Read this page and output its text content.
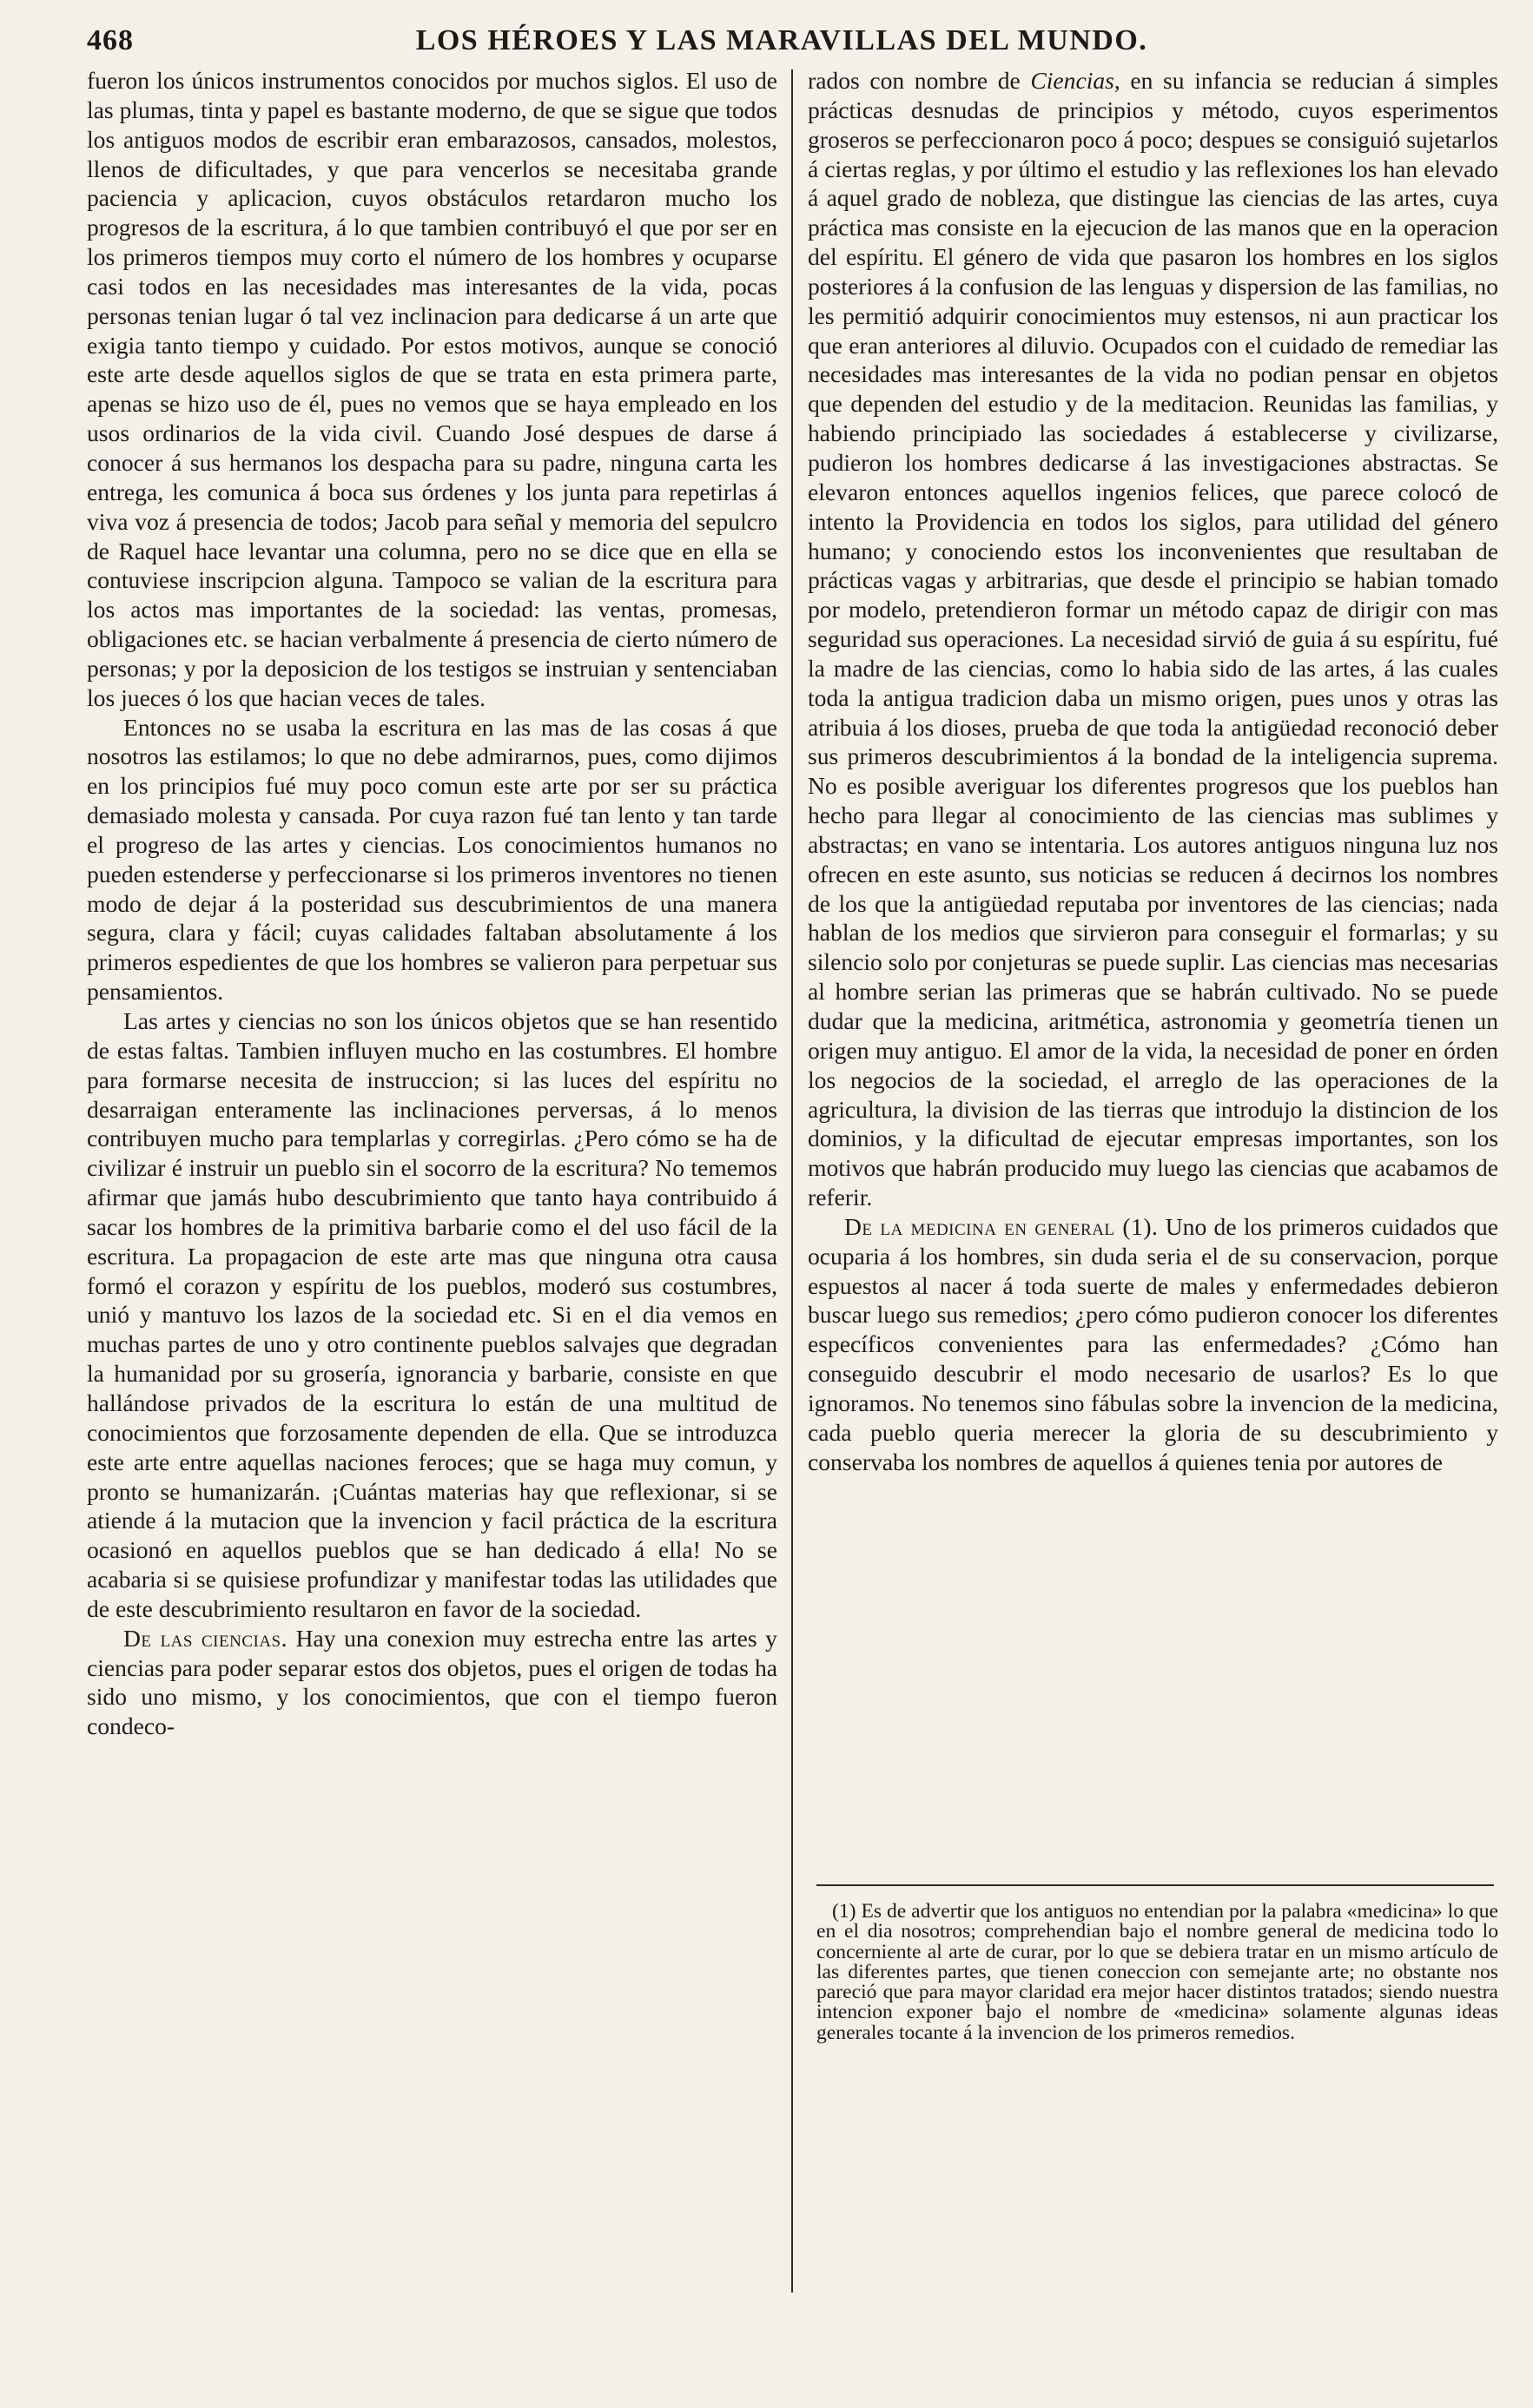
468	LOS HÉROES Y LAS MARAVILLAS DEL MUNDO.

fueron los únicos instrumentos conocidos por muchos siglos. El uso de las plumas, tinta y papel es bastante moderno, de que se sigue que todos los antiguos modos de escribir eran embarazosos, cansados, molestos, llenos de dificultades, y que para vencerlos se necesitaba grande paciencia y aplicacion, cuyos obstáculos retardaron mucho los progresos de la escritura, á lo que tambien contribuyó el que por ser en los primeros tiempos muy corto el número de los hombres y ocuparse casi todos en las necesidades mas interesantes de la vida, pocas personas tenian lugar ó tal vez inclinacion para dedicarse á un arte que exigia tanto tiempo y cuidado. Por estos motivos, aunque se conoció este arte desde aquellos siglos de que se trata en esta primera parte, apenas se hizo uso de él, pues no vemos que se haya empleado en los usos ordinarios de la vida civil. Cuando José despues de darse á conocer á sus hermanos los despacha para su padre, ninguna carta les entrega, les comunica á boca sus órdenes y los junta para repetirlas á viva voz á presencia de todos; Jacob para señal y memoria del sepulcro de Raquel hace levantar una columna, pero no se dice que en ella se contuviese inscripcion alguna. Tampoco se valian de la escritura para los actos mas importantes de la sociedad: las ventas, promesas, obligaciones etc. se hacian verbalmente á presencia de cierto número de personas; y por la deposicion de los testigos se instruian y sentenciaban los jueces ó los que hacian veces de tales.

Entonces no se usaba la escritura en las mas de las cosas á que nosotros las estilamos; lo que no debe admirarnos, pues, como dijimos en los principios fué muy poco comun este arte por ser su práctica demasiado molesta y cansada. Por cuya razon fué tan lento y tan tarde el progreso de las artes y ciencias. Los conocimientos humanos no pueden estenderse y perfeccionarse si los primeros inventores no tienen modo de dejar á la posteridad sus descubrimientos de una manera segura, clara y fácil; cuyas calidades faltaban absolutamente á los primeros espedientes de que los hombres se valieron para perpetuar sus pensamientos.

Las artes y ciencias no son los únicos objetos que se han resentido de estas faltas. Tambien influyen mucho en las costumbres. El hombre para formarse necesita de instruccion; si las luces del espíritu no desarraigan enteramente las inclinaciones perversas, á lo menos contribuyen mucho para templarlas y corregirlas. ¿Pero cómo se ha de civilizar é instruir un pueblo sin el socorro de la escritura? No tememos afirmar que jamás hubo descubrimiento que tanto haya contribuido á sacar los hombres de la primitiva barbarie como el del uso fácil de la escritura. La propagacion de este arte mas que ninguna otra causa formó el corazon y espíritu de los pueblos, moderó sus costumbres, unió y mantuvo los lazos de la sociedad etc. Si en el dia vemos en muchas partes de uno y otro continente pueblos salvajes que degradan la humanidad por su grosería, ignorancia y barbarie, consiste en que hallándose privados de la escritura lo están de una multitud de conocimientos que forzosamente dependen de ella. Que se introduzca este arte entre aquellas naciones feroces; que se haga muy comun, y pronto se humanizarán. ¡Cuántas materias hay que reflexionar, si se atiende á la mutacion que la invencion y facil práctica de la escritura ocasionó en aquellos pueblos que se han dedicado á ella! No se acabaria si se quisiese profundizar y manifestar todas las utilidades que de este descubrimiento resultaron en favor de la sociedad.

De las ciencias. Hay una conexion muy estrecha entre las artes y ciencias para poder separar estos dos objetos, pues el origen de todas ha sido uno mismo, y los conocimientos, que con el tiempo fueron condeco-

rados con nombre de Ciencias, en su infancia se reducian á simples prácticas desnudas de principios y método, cuyos esperimentos groseros se perfeccionaron poco á poco; despues se consiguió sujetarlos á ciertas reglas, y por último el estudio y las reflexiones los han elevado á aquel grado de nobleza, que distingue las ciencias de las artes, cuya práctica mas consiste en la ejecucion de las manos que en la operacion del espíritu. El género de vida que pasaron los hombres en los siglos posteriores á la confusion de las lenguas y dispersion de las familias, no les permitió adquirir conocimientos muy estensos, ni aun practicar los que eran anteriores al diluvio. Ocupados con el cuidado de remediar las necesidades mas interesantes de la vida no podian pensar en objetos que dependen del estudio y de la meditacion. Reunidas las familias, y habiendo principiado las sociedades á establecerse y civilizarse, pudieron los hombres dedicarse á las investigaciones abstractas. Se elevaron entonces aquellos ingenios felices, que parece colocó de intento la Providencia en todos los siglos, para utilidad del género humano; y conociendo estos los inconvenientes que resultaban de prácticas vagas y arbitrarias, que desde el principio se habian tomado por modelo, pretendieron formar un método capaz de dirigir con mas seguridad sus operaciones. La necesidad sirvió de guia á su espíritu, fué la madre de las ciencias, como lo habia sido de las artes, á las cuales toda la antigua tradicion daba un mismo origen, pues unos y otras las atribuia á los dioses, prueba de que toda la antigüedad reconoció deber sus primeros descubrimientos á la bondad de la inteligencia suprema. No es posible averiguar los diferentes progresos que los pueblos han hecho para llegar al conocimiento de las ciencias mas sublimes y abstractas; en vano se intentaria. Los autores antiguos ninguna luz nos ofrecen en este asunto, sus noticias se reducen á decirnos los nombres de los que la antigüedad reputaba por inventores de las ciencias; nada hablan de los medios que sirvieron para conseguir el formarlas; y su silencio solo por conjeturas se puede suplir. Las ciencias mas necesarias al hombre serian las primeras que se habrán cultivado. No se puede dudar que la medicina, aritmética, astronomia y geometría tienen un origen muy antiguo. El amor de la vida, la necesidad de poner en órden los negocios de la sociedad, el arreglo de las operaciones de la agricultura, la division de las tierras que introdujo la distincion de los dominios, y la dificultad de ejecutar empresas importantes, son los motivos que habrán producido muy luego las ciencias que acabamos de referir.

De la medicina en general (1). Uno de los primeros cuidados que ocuparia á los hombres, sin duda seria el de su conservacion, porque espuestos al nacer á toda suerte de males y enfermedades debieron buscar luego sus remedios; ¿pero cómo pudieron conocer los diferentes específicos convenientes para las enfermedades? ¿Cómo han conseguido descubrir el modo necesario de usarlos? Es lo que ignoramos. No tenemos sino fábulas sobre la invencion de la medicina, cada pueblo queria merecer la gloria de su descubrimiento y conservaba los nombres de aquellos á quienes tenia por autores de

(1) Es de advertir que los antiguos no entendian por la palabra «medicina» lo que en el dia nosotros; comprehendian bajo el nombre general de medicina todo lo concerniente al arte de curar, por lo que se debiera tratar en un mismo artículo de las diferentes partes, que tienen coneccion con semejante arte; no obstante nos pareció que para mayor claridad era mejor hacer distintos tratados; siendo nuestra intencion exponer bajo el nombre de «medicina» solamente algunas ideas generales tocante á la invencion de los primeros remedios.
